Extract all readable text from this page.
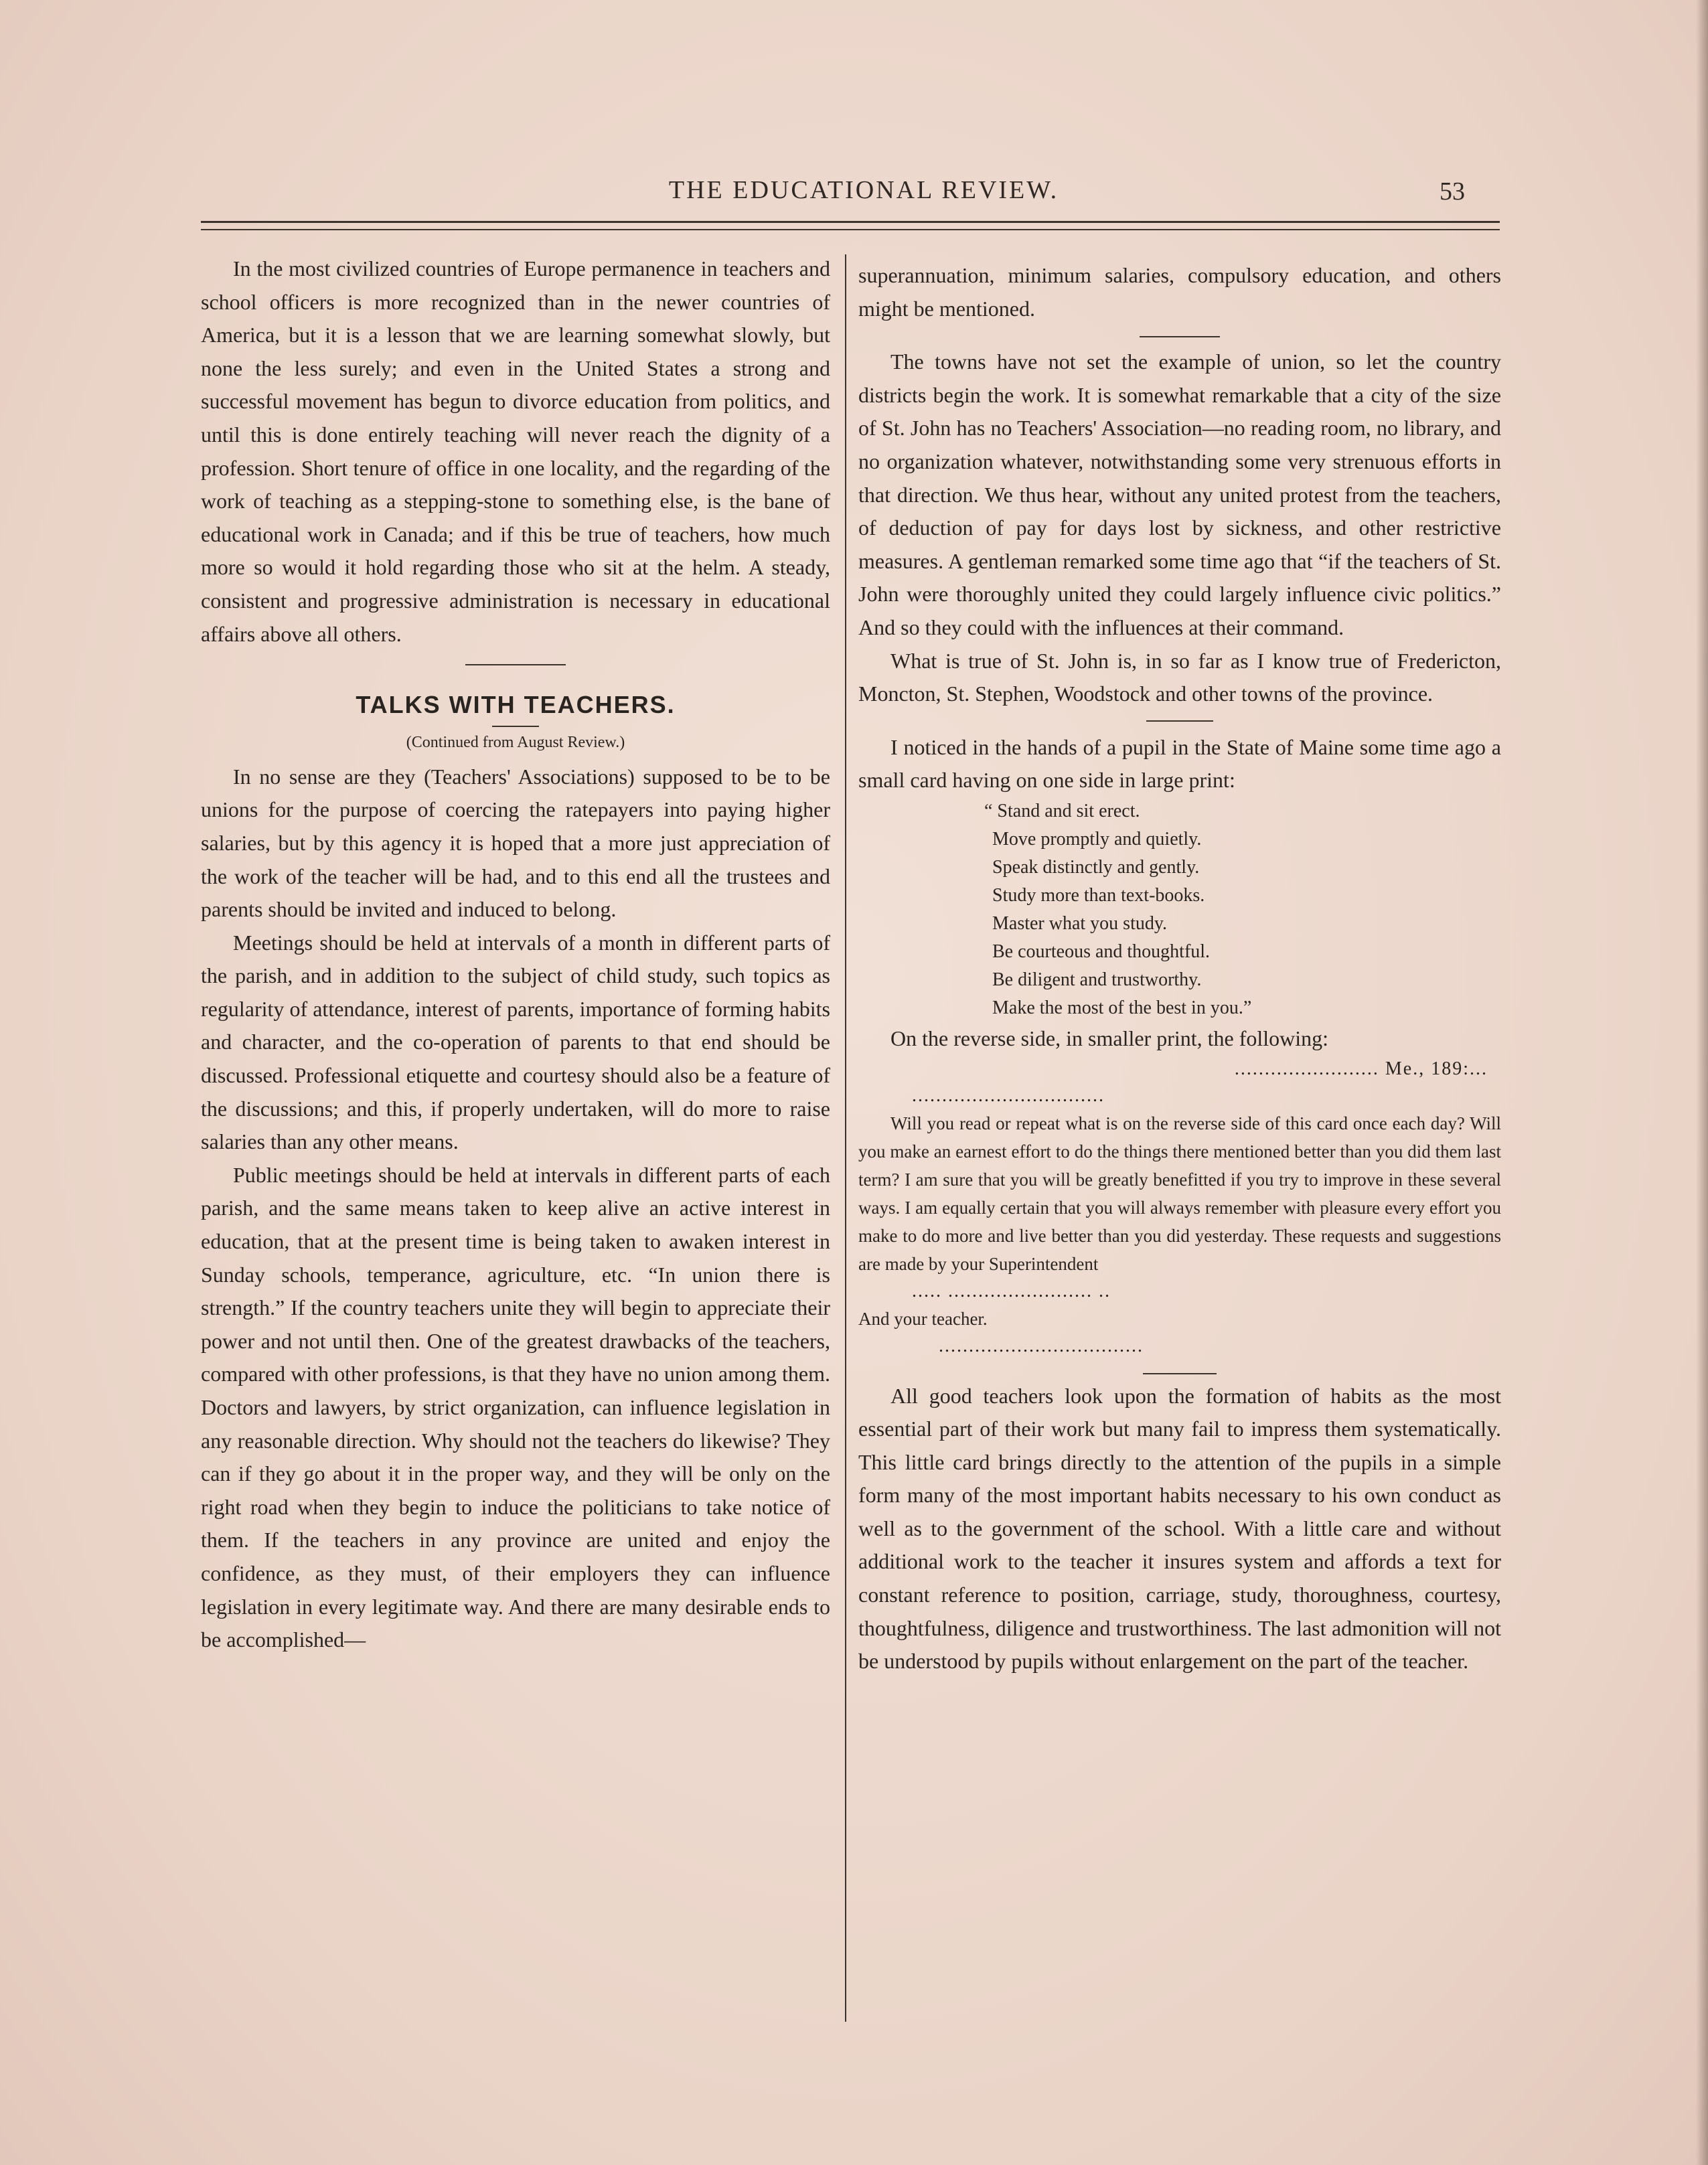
THE EDUCATIONAL REVIEW.	53

In the most civilized countries of Europe permanence in teachers and school officers is more recognized than in the newer countries of America, but it is a lesson that we are learning somewhat slowly, but none the less surely; and even in the United States a strong and successful movement has begun to divorce education from politics, and until this is done entirely teaching will never reach the dignity of a profession. Short tenure of office in one locality, and the regarding of the work of teaching as a stepping-stone to something else, is the bane of educational work in Canada; and if this be true of teachers, how much more so would it hold regarding those who sit at the helm. A steady, consistent and progressive administration is necessary in educational affairs above all others.

TALKS WITH TEACHERS.
(Continued from August Review.)

In no sense are they (Teachers' Associations) supposed to be to be unions for the purpose of coercing the ratepayers into paying higher salaries, but by this agency it is hoped that a more just appreciation of the work of the teacher will be had, and to this end all the trustees and parents should be invited and induced to belong.

Meetings should be held at intervals of a month in different parts of the parish, and in addition to the subject of child study, such topics as regularity of attendance, interest of parents, importance of forming habits and character, and the co-operation of parents to that end should be discussed. Professional etiquette and courtesy should also be a feature of the discussions; and this, if properly undertaken, will do more to raise salaries than any other means.

Public meetings should be held at intervals in different parts of each parish, and the same means taken to keep alive an active interest in education, that at the present time is being taken to awaken interest in Sunday schools, temperance, agriculture, etc. “In union there is strength.” If the country teachers unite they will begin to appreciate their power and not until then. One of the greatest drawbacks of the teachers, compared with other professions, is that they have no union among them. Doctors and lawyers, by strict organization, can influence legislation in any reasonable direction. Why should not the teachers do likewise? They can if they go about it in the proper way, and they will be only on the right road when they begin to induce the politicians to take notice of them. If the teachers in any province are united and enjoy the confidence, as they must, of their employers they can influence legislation in every legitimate way. And there are many desirable ends to be accomplished—

superannuation, minimum salaries, compulsory education, and others might be mentioned.

The towns have not set the example of union, so let the country districts begin the work. It is somewhat remarkable that a city of the size of St. John has no Teachers' Association—no reading room, no library, and no organization whatever, notwithstanding some very strenuous efforts in that direction. We thus hear, without any united protest from the teachers, of deduction of pay for days lost by sickness, and other restrictive measures. A gentleman remarked some time ago that “if the teachers of St. John were thoroughly united they could largely influence civic politics.” And so they could with the influences at their command.

What is true of St. John is, in so far as I know true of Fredericton, Moncton, St. Stephen, Woodstock and other towns of the province.

I noticed in the hands of a pupil in the State of Maine some time ago a small card having on one side in large print:

“ Stand and sit erect.
Move promptly and quietly.
Speak distinctly and gently.
Study more than text-books.
Master what you study.
Be courteous and thoughtful.
Be diligent and trustworthy.
Make the most of the best in you.”

On the reverse side, in smaller print, the following:

........................ Me., 189:...
................................
Will you read or repeat what is on the reverse side of this card once each day? Will you make an earnest effort to do the things there mentioned better than you did them last term? I am sure that you will be greatly benefitted if you try to improve in these several ways. I am equally certain that you will always remember with pleasure every effort you make to do more and live better than you did yesterday. These requests and suggestions are made by your Superintendent
..... ........................ ..
And your teacher.
..................................

All good teachers look upon the formation of habits as the most essential part of their work but many fail to impress them systematically. This little card brings directly to the attention of the pupils in a simple form many of the most important habits necessary to his own conduct as well as to the government of the school. With a little care and without additional work to the teacher it insures system and affords a text for constant reference to position, carriage, study, thoroughness, courtesy, thoughtfulness, diligence and trustworthiness. The last admonition will not be understood by pupils without enlargement on the part of the teacher.
